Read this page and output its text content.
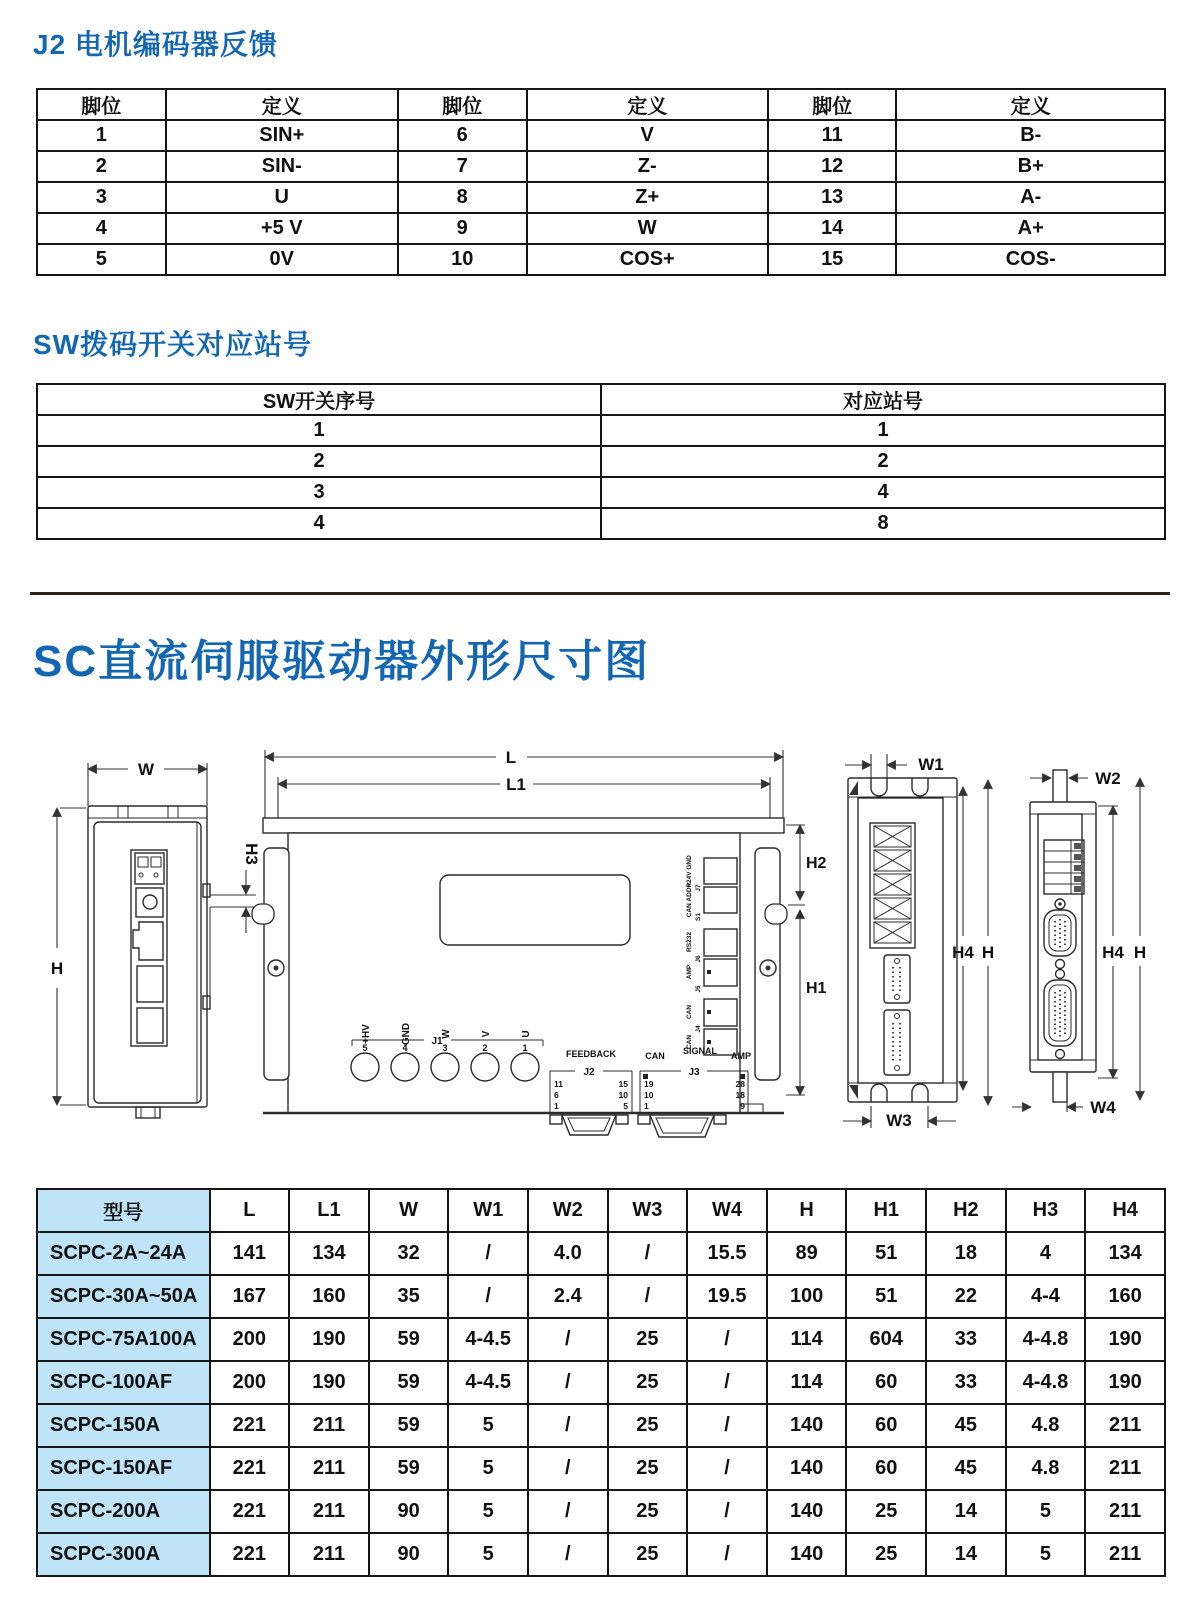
J2 电机编码器反馈
脚位	定义	脚位	定义	脚位	定义
1	SIN+	6	V	11	B-
2	SIN-	7	Z-	12	B+
3	U	8	Z+	13	A-
4	+5 V	9	W	14	A+
5	0V	10	COS+	15	COS-
SW拨码开关对应站号
SW开关序号	对应站号
1	1
2	2
3	4
4	8
SC直流伺服驱动器外形尺寸图
W
H
H3
+24V GND
J7
CAN ADDR S1
RS232
J6
AMP
J5
CAN
J4
CAN
+HV	GND	W	V	U
5	4	3	2	1
J1
FEEDBACK
J2
11
6
1
15
10
5
CAN SIGNAL
J3
AMP
19
10
1
28
18
9
L
L1
H2
H1
W1
H4 H
W3
W2
H4 H
W4
型号	L	L1	W	W1	W2	W3	W4	H	H1	H2	H3	H4
SCPC-2A~24A	141	134	32	/	4.0	/	15.5	89	51	18	4	134
SCPC-30A~50A	167	160	35	/	2.4	/	19.5	100	51	22	4-4	160
SCPC-75A100A	200	190	59	4-4.5	/	25	/	114	604	33	4-4.8	190
SCPC-100AF	200	190	59	4-4.5	/	25	/	114	60	33	4-4.8	190
SCPC-150A	221	211	59	5	/	25	/	140	60	45	4.8	211
SCPC-150AF	221	211	59	5	/	25	/	140	60	45	4.8	211
SCPC-200A	221	211	90	5	/	25	/	140	25	14	5	211
SCPC-300A	221	211	90	5	/	25	/	140	25	14	5	211
